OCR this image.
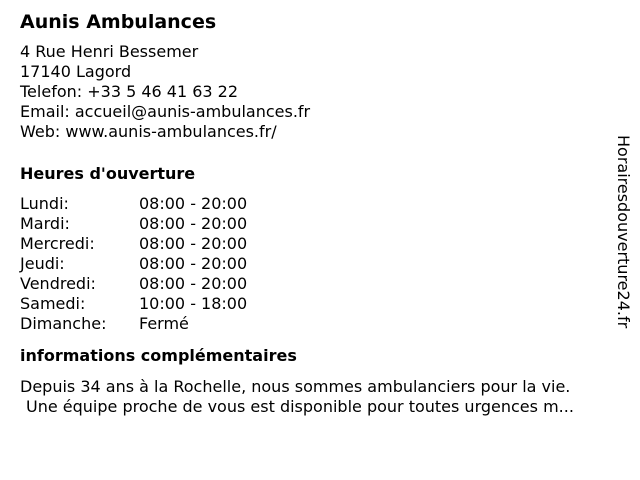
Aunis Ambulances
4 Rue Henri Bessemer
17140 Lagord
Telefon: +33 5 46 41 63 22
Email: accueil@aunis-ambulances.fr
Web: www.aunis-ambulances.fr/
Heures d'ouverture
Lundi:	08:00 - 20:00
Mardi:	08:00 - 20:00
Mercredi:	08:00 - 20:00
Jeudi:	08:00 - 20:00
Vendredi:	08:00 - 20:00
Samedi:	10:00 - 18:00
Dimanche:	Fermé
informations complémentaires
Depuis 34 ans à la Rochelle, nous sommes ambulanciers pour la vie.
Une équipe proche de vous est disponible pour toutes urgences m...
Horairesdouverture24.fr
